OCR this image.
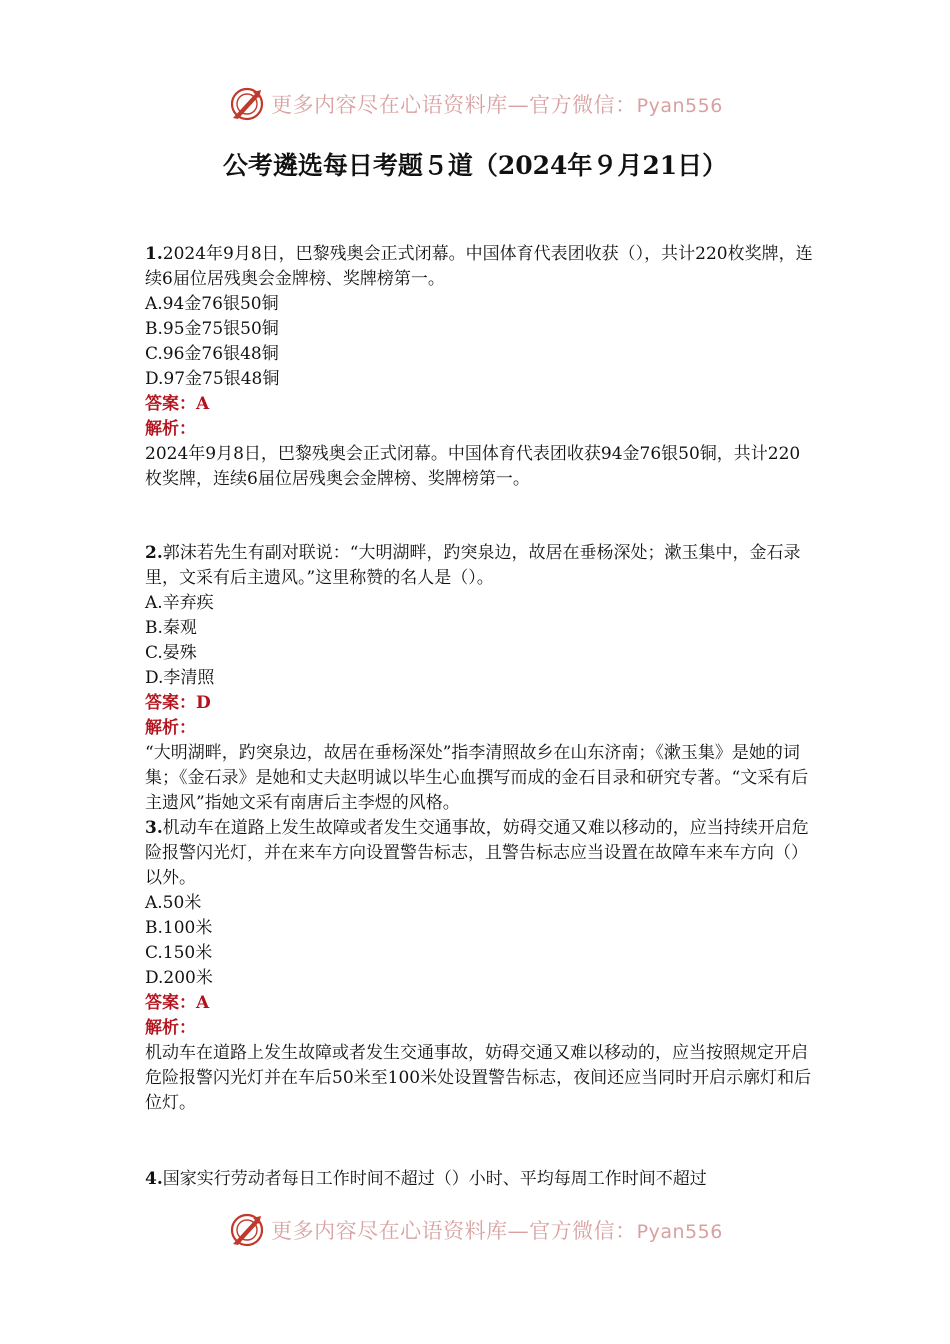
更多内容尽在心语资料库—官方微信：Pyan556
公考遴选每日考题５道（2024年９月21日）

1.2024年9月8日，巴黎残奥会正式闭幕。中国体育代表团收获（），共计220枚奖牌，连续6届位居残奥会金牌榜、奖牌榜第一。

A.94金76银50铜

B.95金75银50铜

C.96金76银48铜

D.97金75银48铜

答案：A

解析：

2024年9月8日，巴黎残奥会正式闭幕。中国体育代表团收获94金76银50铜，共计220枚奖牌，连续6届位居残奥会金牌榜、奖牌榜第一。

2.郭沫若先生有副对联说：“大明湖畔，趵突泉边，故居在垂杨深处；漱玉集中，金石录里，文采有后主遗风。”这里称赞的名人是（）。

A.辛弃疾

B.秦观

C.晏殊

D.李清照

答案：D

解析：

“大明湖畔，趵突泉边，故居在垂杨深处”指李清照故乡在山东济南；《漱玉集》是她的词集；《金石录》是她和丈夫赵明诚以毕生心血撰写而成的金石目录和研究专著。“文采有后主遗风”指她文采有南唐后主李煜的风格。

3.机动车在道路上发生故障或者发生交通事故，妨碍交通又难以移动的，应当持续开启危险报警闪光灯，并在来车方向设置警告标志，且警告标志应当设置在故障车来车方向（）以外。

A.50米

B.100米

C.150米

D.200米

答案：A

解析：

机动车在道路上发生故障或者发生交通事故，妨碍交通又难以移动的，应当按照规定开启危险报警闪光灯并在车后50米至100米处设置警告标志，夜间还应当同时开启示廓灯和后位灯。

4.国家实行劳动者每日工作时间不超过（）小时、平均每周工作时间不超过

更多内容尽在心语资料库—官方微信：Pyan556
